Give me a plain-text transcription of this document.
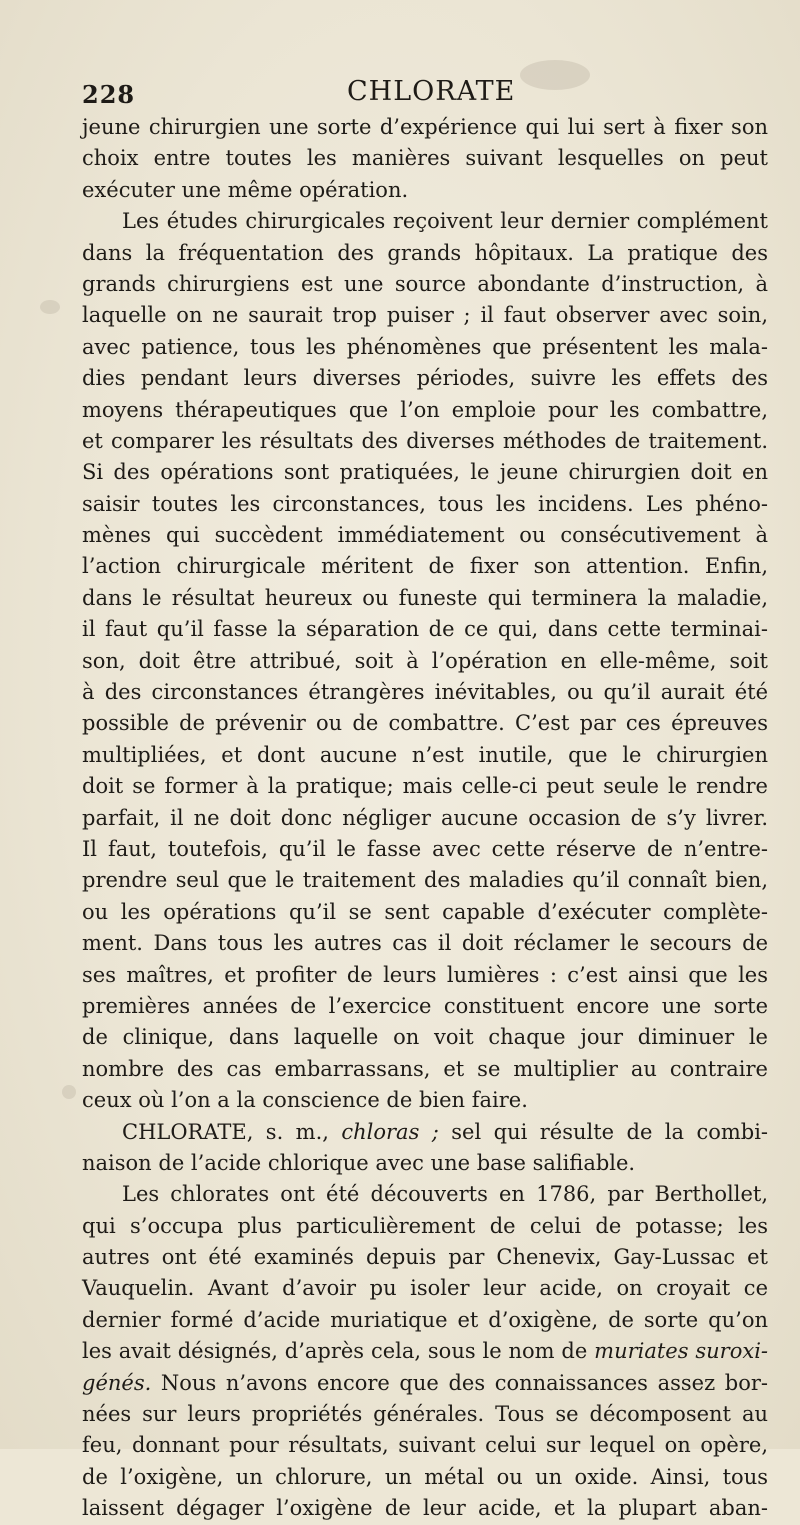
228	CHLORATE
jeune chirurgien une sorte d’expérience qui lui sert à fixer son
choix entre toutes les manières suivant lesquelles on peut
exécuter une même opération.
Les études chirurgicales reçoivent leur dernier complément
dans la fréquentation des grands hôpitaux. La pratique des
grands chirurgiens est une source abondante d’instruction, à
laquelle on ne saurait trop puiser ; il faut observer avec soin,
avec patience, tous les phénomènes que présentent les mala-
dies pendant leurs diverses périodes, suivre les effets des
moyens thérapeutiques que l’on emploie pour les combattre,
et comparer les résultats des diverses méthodes de traitement.
Si des opérations sont pratiquées, le jeune chirurgien doit en
saisir toutes les circonstances, tous les incidens. Les phéno-
mènes qui succèdent immédiatement ou consécutivement à
l’action chirurgicale méritent de fixer son attention. Enfin,
dans le résultat heureux ou funeste qui terminera la maladie,
il faut qu’il fasse la séparation de ce qui, dans cette terminai-
son, doit être attribué, soit à l’opération en elle-même, soit
à des circonstances étrangères inévitables, ou qu’il aurait été
possible de prévenir ou de combattre. C’est par ces épreuves
multipliées, et dont aucune n’est inutile, que le chirurgien
doit se former à la pratique; mais celle-ci peut seule le rendre
parfait, il ne doit donc négliger aucune occasion de s’y livrer.
Il faut, toutefois, qu’il le fasse avec cette réserve de n’entre-
prendre seul que le traitement des maladies qu’il connaît bien,
ou les opérations qu’il se sent capable d’exécuter complète-
ment. Dans tous les autres cas il doit réclamer le secours de
ses maîtres, et profiter de leurs lumières : c’est ainsi que les
premières années de l’exercice constituent encore une sorte
de clinique, dans laquelle on voit chaque jour diminuer le
nombre des cas embarrassans, et se multiplier au contraire
ceux où l’on a la conscience de bien faire.
CHLORATE, s. m., chloras ; sel qui résulte de la combi-
naison de l’acide chlorique avec une base salifiable.
Les chlorates ont été découverts en 1786, par Berthollet,
qui s’occupa plus particulièrement de celui de potasse; les
autres ont été examinés depuis par Chenevix, Gay-Lussac et
Vauquelin. Avant d’avoir pu isoler leur acide, on croyait ce
dernier formé d’acide muriatique et d’oxigène, de sorte qu’on
les avait désignés, d’après cela, sous le nom de muriates suroxi-
génés. Nous n’avons encore que des connaissances assez bor-
nées sur leurs propriétés générales. Tous se décomposent au
feu, donnant pour résultats, suivant celui sur lequel on opère,
de l’oxigène, un chlorure, un métal ou un oxide. Ainsi, tous
laissent dégager l’oxigène de leur acide, et la plupart aban-
